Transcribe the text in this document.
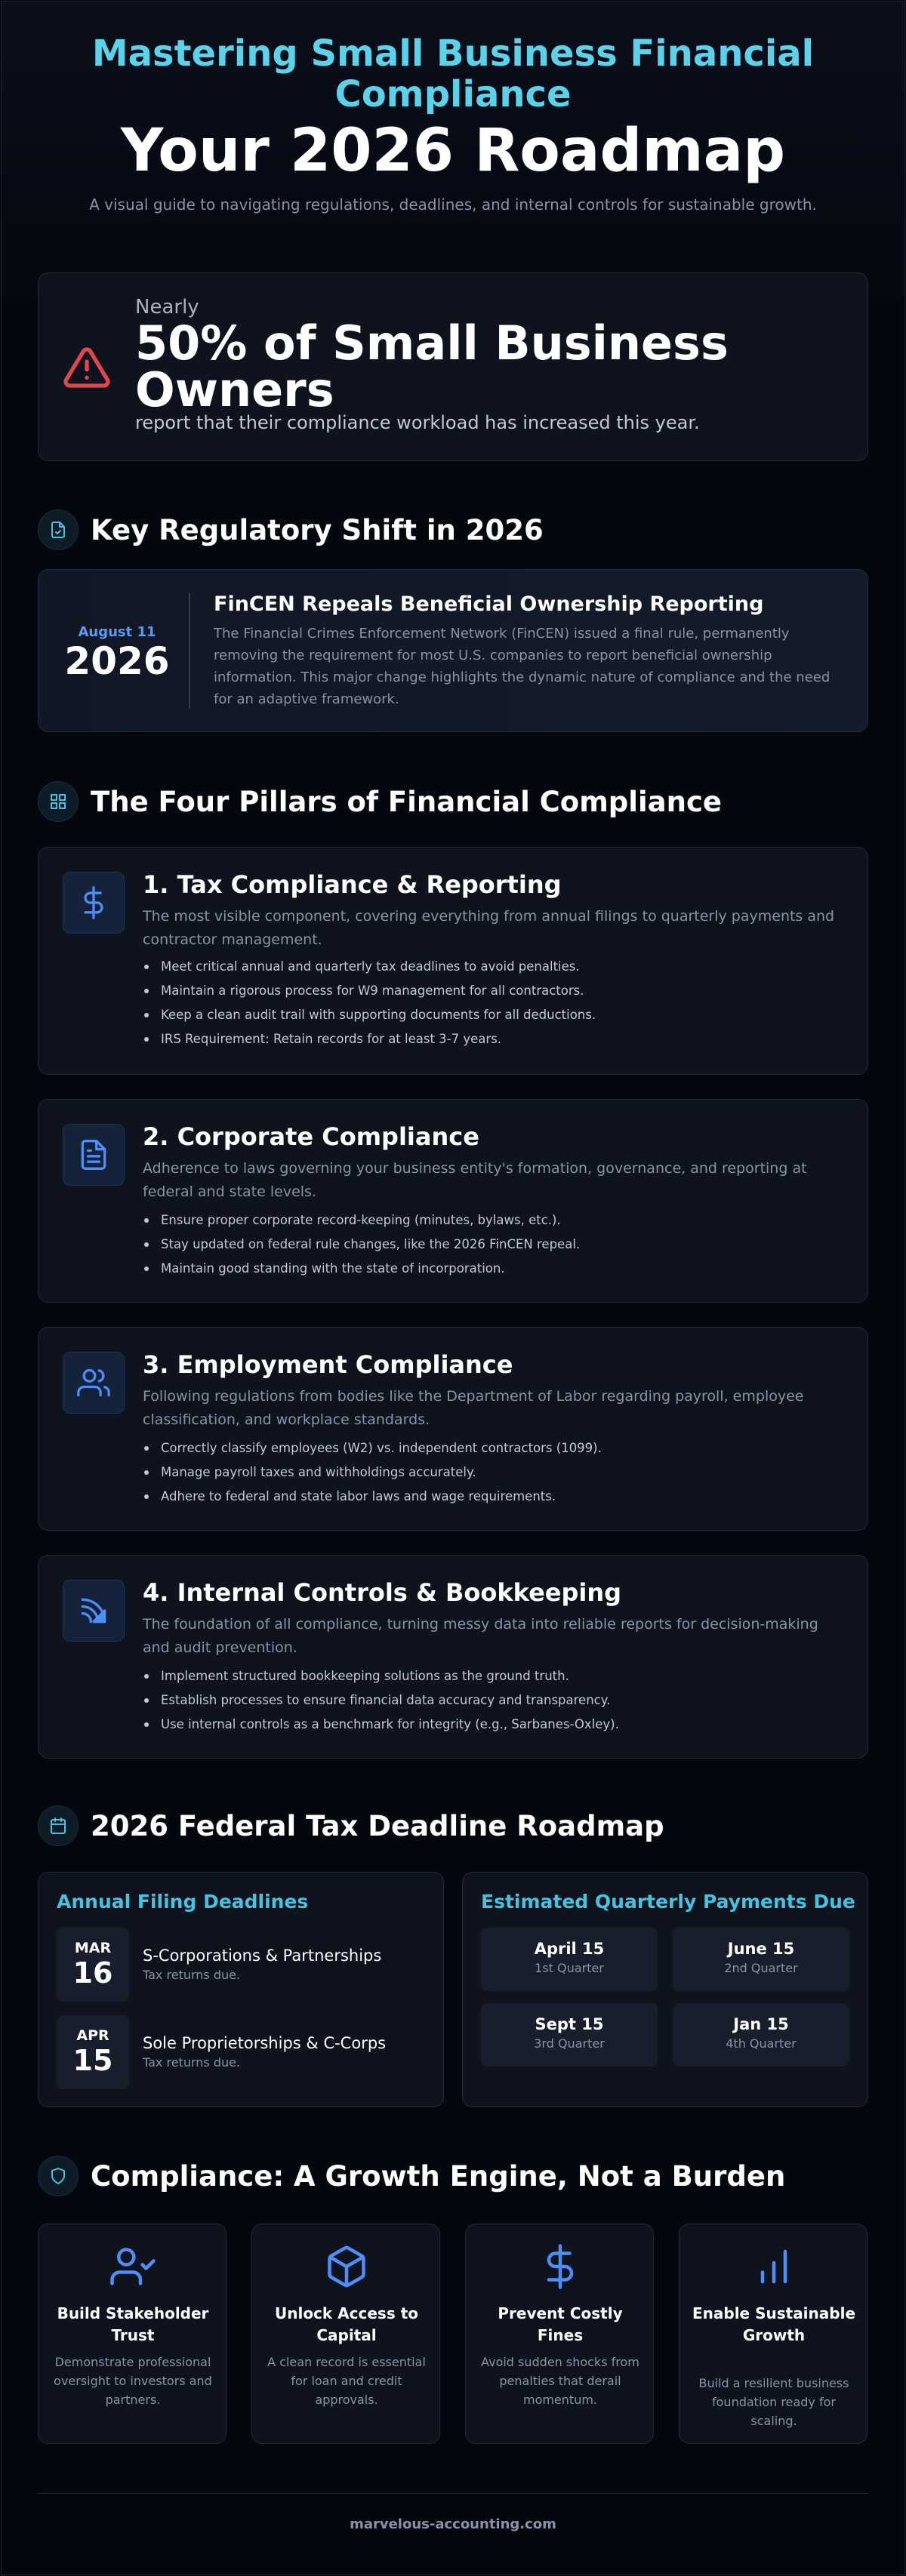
Mastering Small Business Financial Compliance
Your 2026 Roadmap
A visual guide to navigating regulations, deadlines, and internal controls for sustainable growth.
Nearly
50% of Small Business Owners
report that their compliance workload has increased this year.
Key Regulatory Shift in 2026
August 11
2026
FinCEN Repeals Beneficial Ownership Reporting
The Financial Crimes Enforcement Network (FinCEN) issued a final rule, permanently removing the requirement for most U.S. companies to report beneficial ownership information. This major change highlights the dynamic nature of compliance and the need for an adaptive framework.
The Four Pillars of Financial Compliance
1. Tax Compliance & Reporting
The most visible component, covering everything from annual filings to quarterly payments and contractor management.
Meet critical annual and quarterly tax deadlines to avoid penalties.
Maintain a rigorous process for W9 management for all contractors.
Keep a clean audit trail with supporting documents for all deductions.
IRS Requirement: Retain records for at least 3-7 years.
2. Corporate Compliance
Adherence to laws governing your business entity's formation, governance, and reporting at federal and state levels.
Ensure proper corporate record-keeping (minutes, bylaws, etc.).
Stay updated on federal rule changes, like the 2026 FinCEN repeal.
Maintain good standing with the state of incorporation.
3. Employment Compliance
Following regulations from bodies like the Department of Labor regarding payroll, employee classification, and workplace standards.
Correctly classify employees (W2) vs. independent contractors (1099).
Manage payroll taxes and withholdings accurately.
Adhere to federal and state labor laws and wage requirements.
4. Internal Controls & Bookkeeping
The foundation of all compliance, turning messy data into reliable reports for decision-making and audit prevention.
Implement structured bookkeeping solutions as the ground truth.
Establish processes to ensure financial data accuracy and transparency.
Use internal controls as a benchmark for integrity (e.g., Sarbanes-Oxley).
2026 Federal Tax Deadline Roadmap
Annual Filing Deadlines
MAR
16
S-Corporations & Partnerships
Tax returns due.
APR
15
Sole Proprietorships & C-Corps
Tax returns due.
Estimated Quarterly Payments Due
April 15
1st Quarter
June 15
2nd Quarter
Sept 15
3rd Quarter
Jan 15
4th Quarter
Compliance: A Growth Engine, Not a Burden
Build Stakeholder Trust
Demonstrate professional oversight to investors and partners.
Unlock Access to Capital
A clean record is essential for loan and credit approvals.
Prevent Costly Fines
Avoid sudden shocks from penalties that derail momentum.
Enable Sustainable Growth
Build a resilient business foundation ready for scaling.
marvelous-accounting.com
